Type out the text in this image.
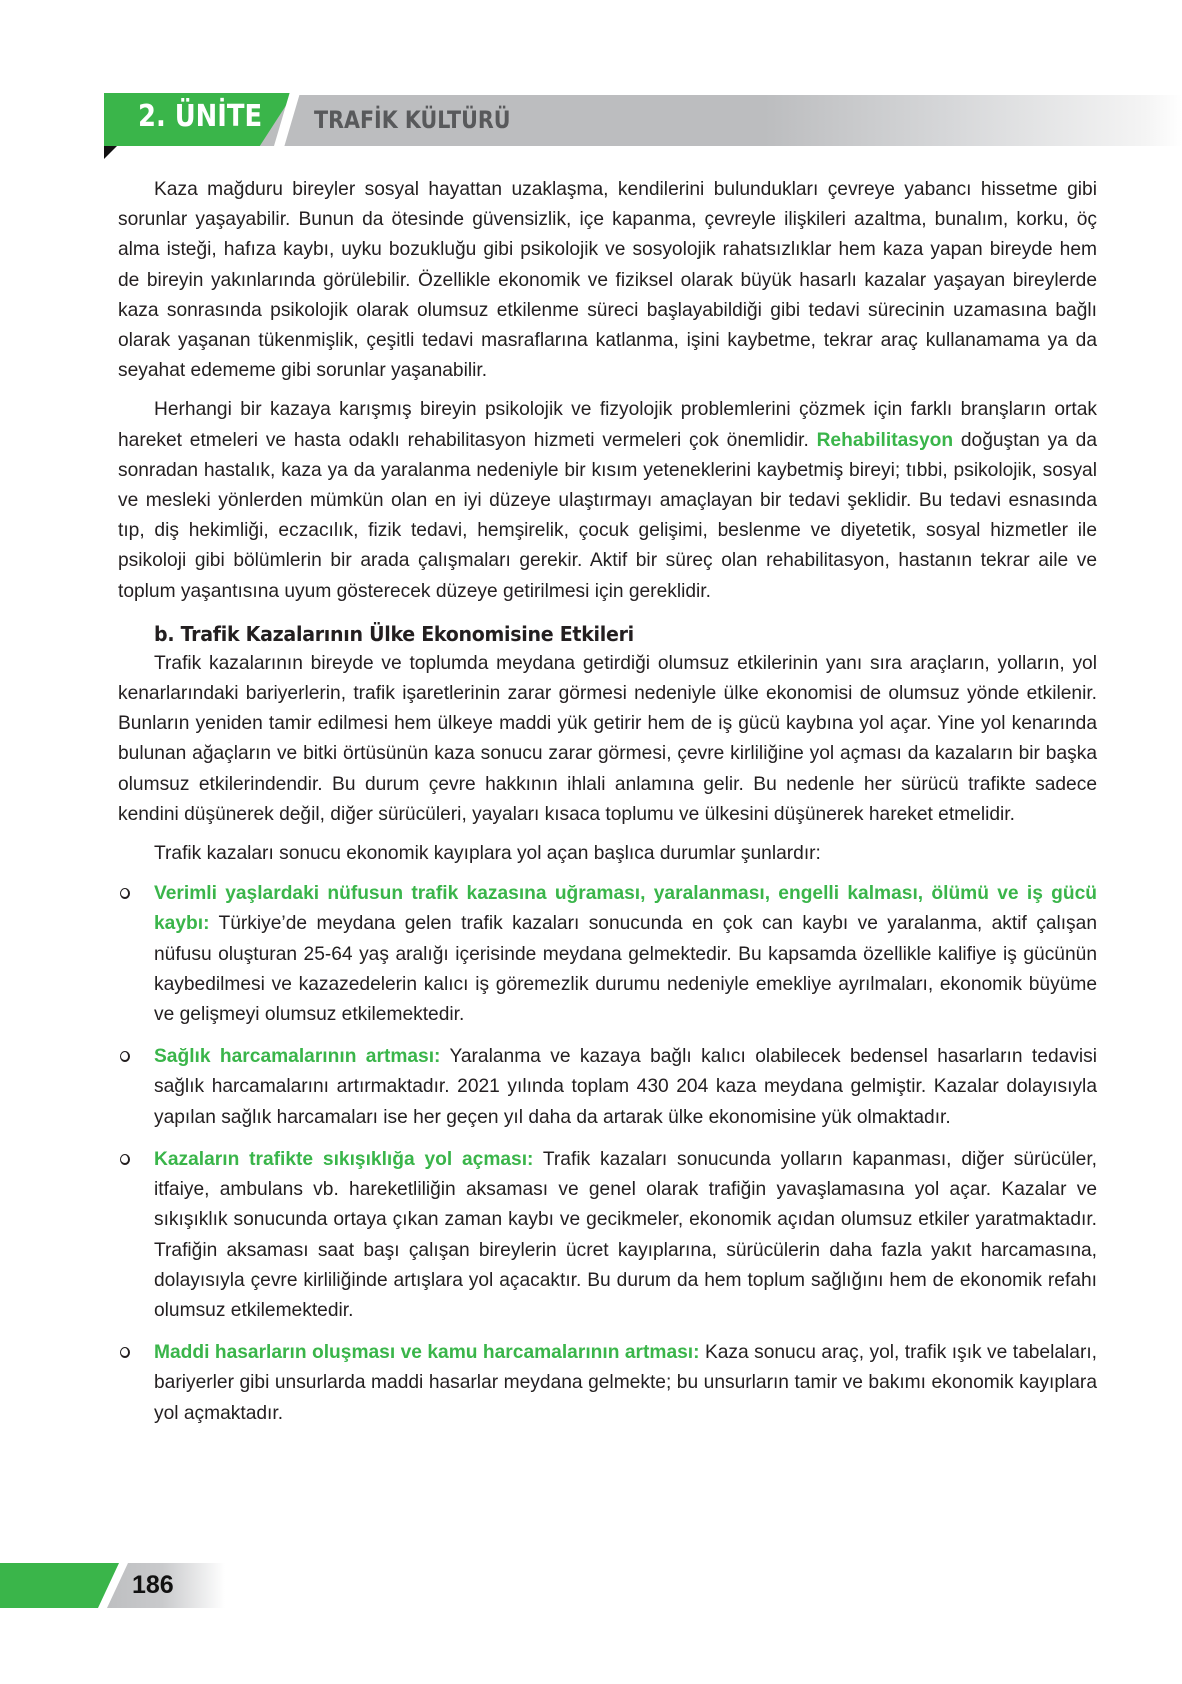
2. ÜNİTE TRAFİK KÜLTÜRÜ

Kaza mağduru bireyler sosyal hayattan uzaklaşma, kendilerini bulundukları çevreye yabancı hissetme gibi sorunlar yaşayabilir. Bunun da ötesinde güvensizlik, içe kapanma, çevreyle ilişkileri azaltma, bunalım, korku, öç alma isteği, hafıza kaybı, uyku bozukluğu gibi psikolojik ve sosyolojik rahatsızlıklar hem kaza yapan bireyde hem de bireyin yakınlarında görülebilir. Özellikle ekonomik ve fiziksel olarak büyük hasarlı kazalar yaşayan bireylerde kaza sonrasında psikolojik olarak olumsuz etkilenme süreci başlayabildiği gibi tedavi sürecinin uzamasına bağlı olarak yaşanan tükenmişlik, çeşitli tedavi masraflarına katlanma, işini kaybetme, tekrar araç kullanamama ya da seyahat edememe gibi sorunlar yaşanabilir.

Herhangi bir kazaya karışmış bireyin psikolojik ve fizyolojik problemlerini çözmek için farklı branşların ortak hareket etmeleri ve hasta odaklı rehabilitasyon hizmeti vermeleri çok önemlidir. Rehabilitasyon doğuştan ya da sonradan hastalık, kaza ya da yaralanma nedeniyle bir kısım yeteneklerini kaybetmiş bireyi; tıbbi, psikolojik, sosyal ve mesleki yönlerden mümkün olan en iyi düzeye ulaştırmayı amaçlayan bir tedavi şeklidir. Bu tedavi esnasında tıp, diş hekimliği, eczacılık, fizik tedavi, hemşirelik, çocuk gelişimi, beslenme ve diyetetik, sosyal hizmetler ile psikoloji gibi bölümlerin bir arada çalışmaları gerekir. Aktif bir süreç olan rehabilitasyon, hastanın tekrar aile ve toplum yaşantısına uyum gösterecek düzeye getirilmesi için gereklidir.

b. Trafik Kazalarının Ülke Ekonomisine Etkileri

Trafik kazalarının bireyde ve toplumda meydana getirdiği olumsuz etkilerinin yanı sıra araçların, yolların, yol kenarlarındaki bariyerlerin, trafik işaretlerinin zarar görmesi nedeniyle ülke ekonomisi de olumsuz yönde etkilenir. Bunların yeniden tamir edilmesi hem ülkeye maddi yük getirir hem de iş gücü kaybına yol açar. Yine yol kenarında bulunan ağaçların ve bitki örtüsünün kaza sonucu zarar görmesi, çevre kirliliğine yol açması da kazaların bir başka olumsuz etkilerindendir. Bu durum çevre hakkının ihlali anlamına gelir. Bu nedenle her sürücü trafikte sadece kendini düşünerek değil, diğer sürücüleri, yayaları kısaca toplumu ve ülkesini düşünerek hareket etmelidir.

Trafik kazaları sonucu ekonomik kayıplara yol açan başlıca durumlar şunlardır:

Verimli yaşlardaki nüfusun trafik kazasına uğraması, yaralanması, engelli kalması, ölümü ve iş gücü kaybı: Türkiye’de meydana gelen trafik kazaları sonucunda en çok can kaybı ve yaralanma, aktif çalışan nüfusu oluşturan 25-64 yaş aralığı içerisinde meydana gelmektedir. Bu kapsamda özellikle kalifiye iş gücünün kaybedilmesi ve kazazedelerin kalıcı iş göremezlik durumu nedeniyle emekliye ayrılmaları, ekonomik büyüme ve gelişmeyi olumsuz etkilemektedir.
Sağlık harcamalarının artması: Yaralanma ve kazaya bağlı kalıcı olabilecek bedensel hasarların tedavisi sağlık harcamalarını artırmaktadır. 2021 yılında toplam 430 204 kaza meydana gelmiştir. Kazalar dolayısıyla yapılan sağlık harcamaları ise her geçen yıl daha da artarak ülke ekonomisine yük olmaktadır.
Kazaların trafikte sıkışıklığa yol açması: Trafik kazaları sonucunda yolların kapanması, diğer sürücüler, itfaiye, ambulans vb. hareketliliğin aksaması ve genel olarak trafiğin yavaşlamasına yol açar. Kazalar ve sıkışıklık sonucunda ortaya çıkan zaman kaybı ve gecikmeler, ekonomik açıdan olumsuz etkiler yaratmaktadır. Trafiğin aksaması saat başı çalışan bireylerin ücret kayıplarına, sürücülerin daha fazla yakıt harcamasına, dolayısıyla çevre kirliliğinde artışlara yol açacaktır. Bu durum da hem toplum sağlığını hem de ekonomik refahı olumsuz etkilemektedir.
Maddi hasarların oluşması ve kamu harcamalarının artması: Kaza sonucu araç, yol, trafik ışık ve tabelaları, bariyerler gibi unsurlarda maddi hasarlar meydana gelmekte; bu unsurların tamir ve bakımı ekonomik kayıplara yol açmaktadır.
186
